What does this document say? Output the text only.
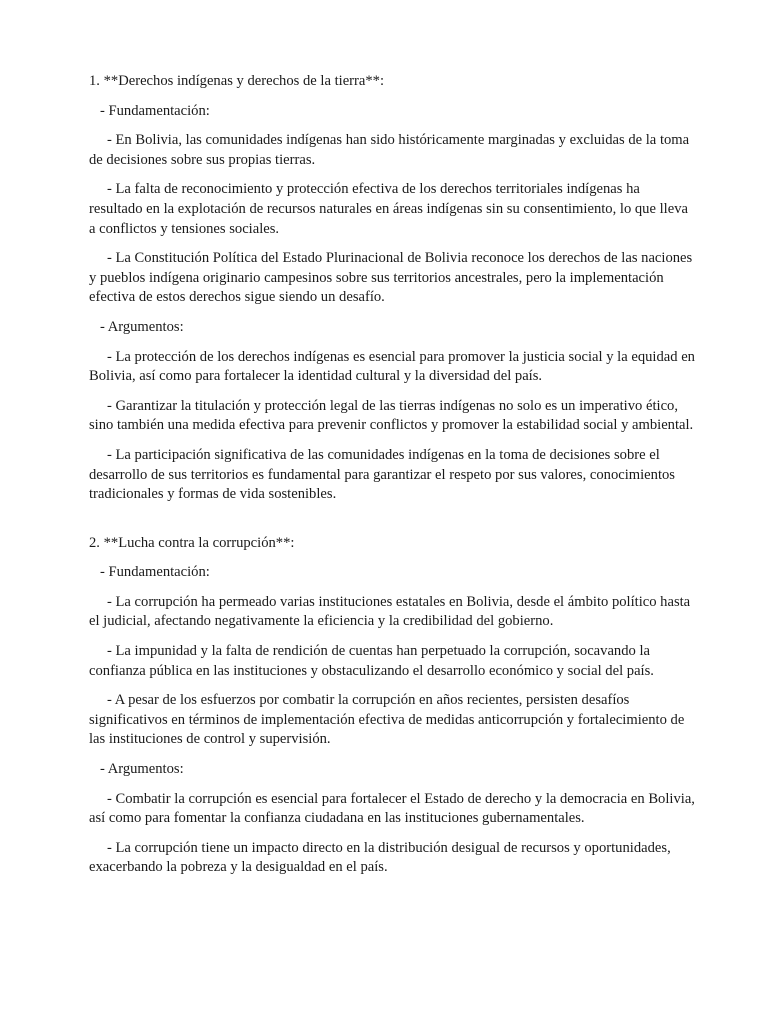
1. **Derechos indígenas y derechos de la tierra**:

- Fundamentación:

- En Bolivia, las comunidades indígenas han sido históricamente marginadas y excluidas de la toma de decisiones sobre sus propias tierras.

- La falta de reconocimiento y protección efectiva de los derechos territoriales indígenas ha resultado en la explotación de recursos naturales en áreas indígenas sin su consentimiento, lo que lleva a conflictos y tensiones sociales.

- La Constitución Política del Estado Plurinacional de Bolivia reconoce los derechos de las naciones y pueblos indígena originario campesinos sobre sus territorios ancestrales, pero la implementación efectiva de estos derechos sigue siendo un desafío.

- Argumentos:

- La protección de los derechos indígenas es esencial para promover la justicia social y la equidad en Bolivia, así como para fortalecer la identidad cultural y la diversidad del país.

- Garantizar la titulación y protección legal de las tierras indígenas no solo es un imperativo ético, sino también una medida efectiva para prevenir conflictos y promover la estabilidad social y ambiental.

- La participación significativa de las comunidades indígenas en la toma de decisiones sobre el desarrollo de sus territorios es fundamental para garantizar el respeto por sus valores, conocimientos tradicionales y formas de vida sostenibles.

2. **Lucha contra la corrupción**:

- Fundamentación:

- La corrupción ha permeado varias instituciones estatales en Bolivia, desde el ámbito político hasta el judicial, afectando negativamente la eficiencia y la credibilidad del gobierno.

- La impunidad y la falta de rendición de cuentas han perpetuado la corrupción, socavando la confianza pública en las instituciones y obstaculizando el desarrollo económico y social del país.

- A pesar de los esfuerzos por combatir la corrupción en años recientes, persisten desafíos significativos en términos de implementación efectiva de medidas anticorrupción y fortalecimiento de las instituciones de control y supervisión.

- Argumentos:

- Combatir la corrupción es esencial para fortalecer el Estado de derecho y la democracia en Bolivia, así como para fomentar la confianza ciudadana en las instituciones gubernamentales.

- La corrupción tiene un impacto directo en la distribución desigual de recursos y oportunidades, exacerbando la pobreza y la desigualdad en el país.
